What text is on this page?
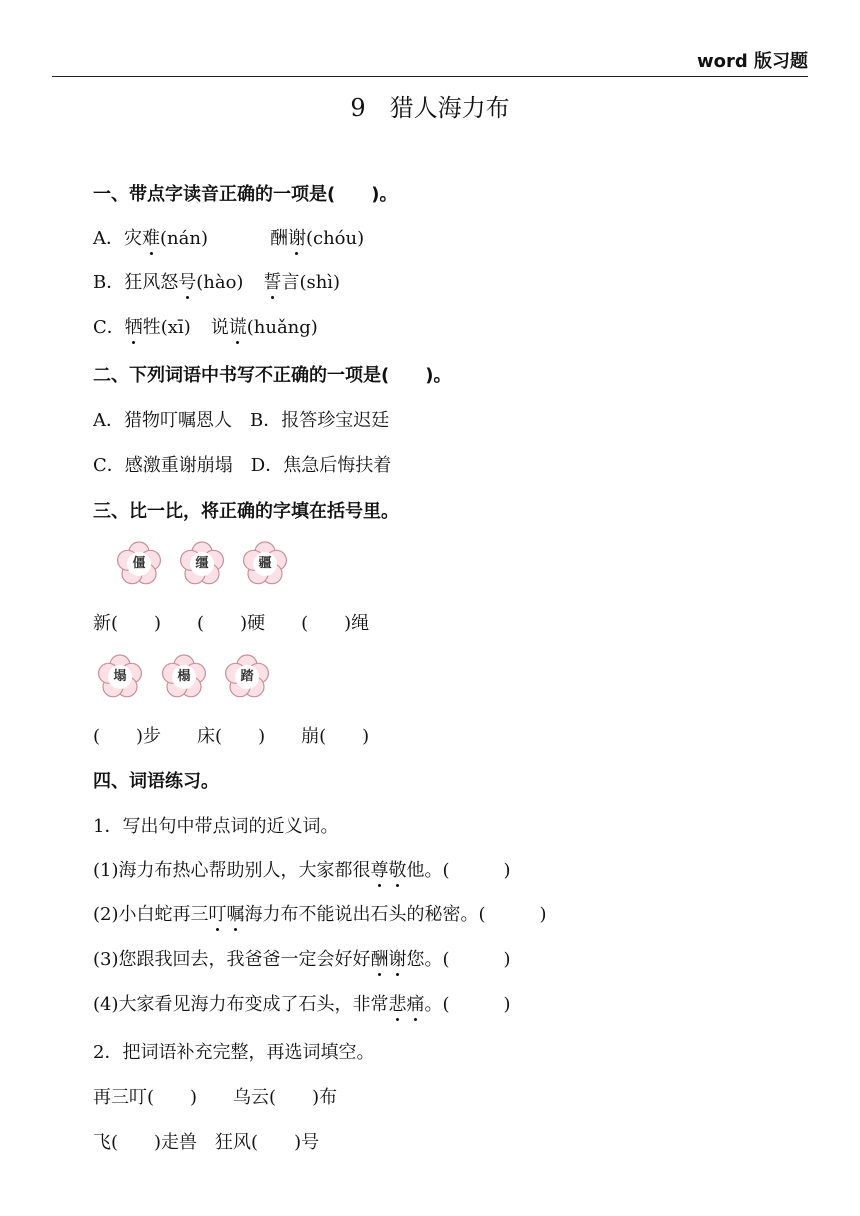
word 版习题
9　猎人海力布
一、带点字读音正确的一项是(　　)。
A．灾难(nán)	酬谢(chóu)
B．狂风怒号(hào) 誓言(shì)
C．牺牲(xī) 说谎(huǎng)
二、下列词语中书写不正确的一项是(　　)。
A．猎物叮嘱恩人　B．报答珍宝迟廷
C．感激重谢崩塌　D．焦急后悔扶着
三、比一比，将正确的字填在括号里。
僵	缰	疆
新(　　)　　(　　)硬　　(　　)绳
塌	榻	踏
(　　)步　　床(　　)　　崩(　　)
四、词语练习。
1．写出句中带点词的近义词。
(1)海力布热心帮助别人，大家都很尊敬他。(　　　)
(2)小白蛇再三叮嘱海力布不能说出石头的秘密。(　　　)
(3)您跟我回去，我爸爸一定会好好酬谢您。(　　　)
(4)大家看见海力布变成了石头，非常悲痛。(　　　)
2．把词语补充完整，再选词填空。
再三叮(　　)　　乌云(　　)布
飞(　　)走兽　狂风(　　)号
